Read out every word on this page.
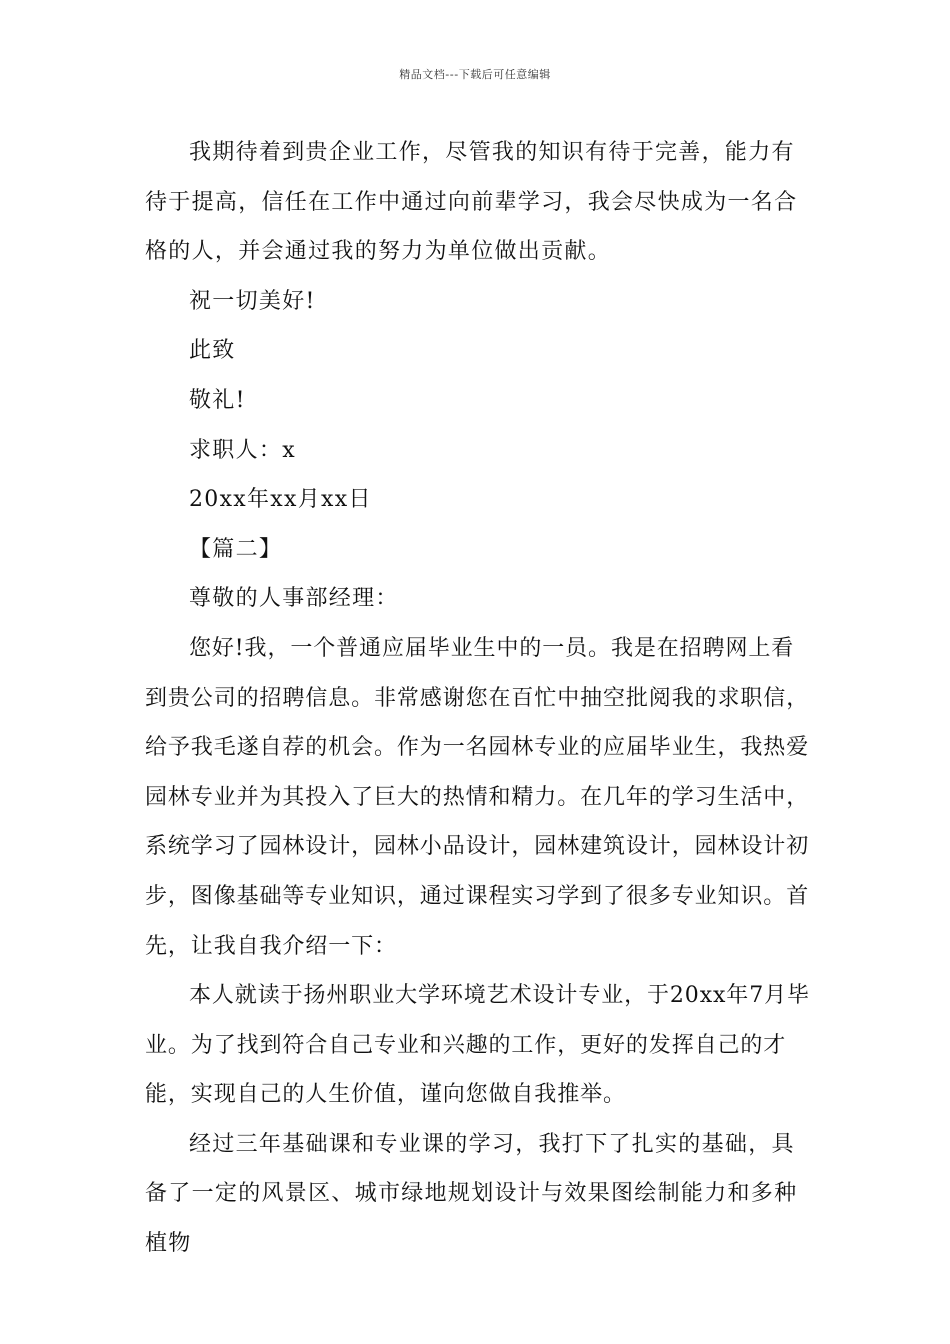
精品文档---下载后可任意编辑

我期待着到贵企业工作，尽管我的知识有待于完善，能力有待于提高，信任在工作中通过向前辈学习，我会尽快成为一名合格的人，并会通过我的努力为单位做出贡献。

祝一切美好!

此致

敬礼!

求职人：x

20xx年xx月xx日

【篇二】

尊敬的人事部经理：

您好!我，一个普通应届毕业生中的一员。我是在招聘网上看到贵公司的招聘信息。非常感谢您在百忙中抽空批阅我的求职信，给予我毛遂自荐的机会。作为一名园林专业的应届毕业生，我热爱园林专业并为其投入了巨大的热情和精力。在几年的学习生活中，系统学习了园林设计，园林小品设计，园林建筑设计，园林设计初步，图像基础等专业知识，通过课程实习学到了很多专业知识。首先，让我自我介绍一下：

本人就读于扬州职业大学环境艺术设计专业，于20xx年7月毕业。为了找到符合自己专业和兴趣的工作，更好的发挥自己的才能，实现自己的人生价值，谨向您做自我推举。

经过三年基础课和专业课的学习，我打下了扎实的基础，具备了一定的风景区、城市绿地规划设计与效果图绘制能力和多种植物
